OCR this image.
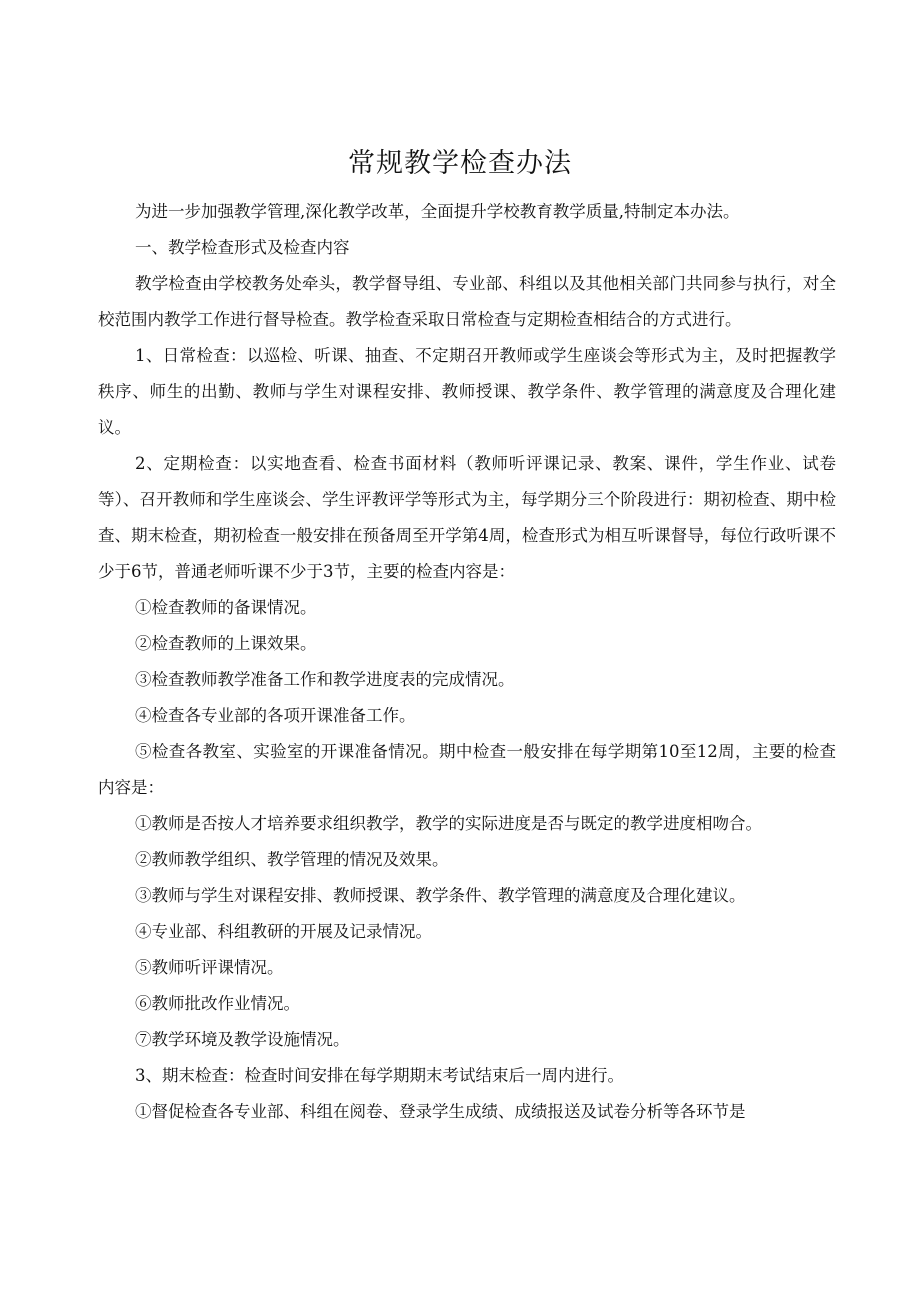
常规教学检查办法

为进一步加强教学管理,深化教学改革，全面提升学校教育教学质量,特制定本办法。

一、教学检查形式及检查内容

教学检查由学校教务处牵头，教学督导组、专业部、科组以及其他相关部门共同参与执行，对全校范围内教学工作进行督导检查。教学检查采取日常检查与定期检查相结合的方式进行。

1、日常检查：以巡检、听课、抽查、不定期召开教师或学生座谈会等形式为主，及时把握教学秩序、师生的出勤、教师与学生对课程安排、教师授课、教学条件、教学管理的满意度及合理化建议。

2、定期检查：以实地查看、检查书面材料（教师听评课记录、教案、课件，学生作业、试卷等）、召开教师和学生座谈会、学生评教评学等形式为主，每学期分三个阶段进行：期初检查、期中检查、期末检查，期初检查一般安排在预备周至开学第4周，检查形式为相互听课督导，每位行政听课不少于6节，普通老师听课不少于3节，主要的检查内容是：

①检查教师的备课情况。

②检查教师的上课效果。

③检查教师教学准备工作和教学进度表的完成情况。

④检查各专业部的各项开课准备工作。

⑤检查各教室、实验室的开课准备情况。期中检查一般安排在每学期第10至12周，主要的检查内容是：

①教师是否按人才培养要求组织教学，教学的实际进度是否与既定的教学进度相吻合。

②教师教学组织、教学管理的情况及效果。

③教师与学生对课程安排、教师授课、教学条件、教学管理的满意度及合理化建议。

④专业部、科组教研的开展及记录情况。

⑤教师听评课情况。

⑥教师批改作业情况。

⑦教学环境及教学设施情况。

3、期末检查：检查时间安排在每学期期末考试结束后一周内进行。

①督促检查各专业部、科组在阅卷、登录学生成绩、成绩报送及试卷分析等各环节是
